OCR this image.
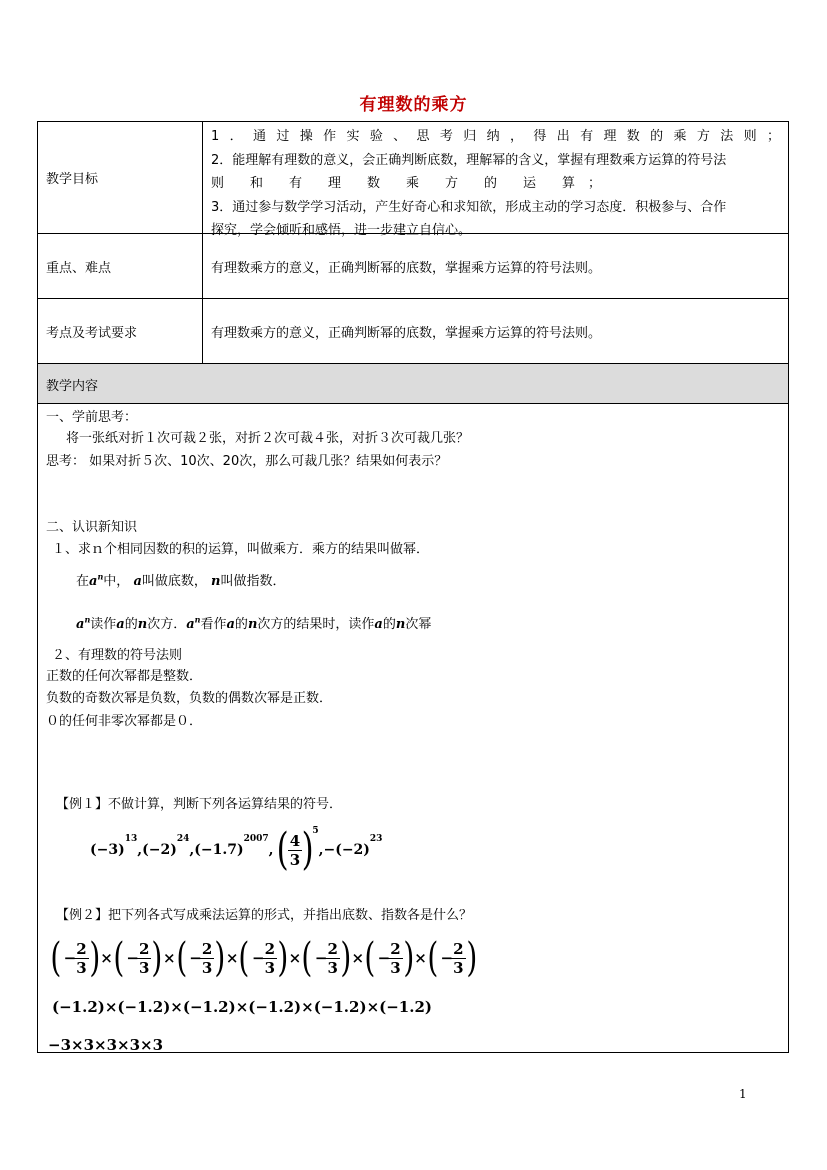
有理数的乘方
教学目标
1．通过操作实验、思考归纳，得出有理数的乘方法则；
2．能理解有理数的意义，会正确判断底数，理解幂的含义，掌握有理数乘方运算的符号法
则　　和　　有　　理　　数　　乘　　方　　的　　运　　算　；
3．通过参与数学学习活动，产生好奇心和求知欲，形成主动的学习态度．积极参与、合作
探究，学会倾听和感悟，进一步建立自信心。
重点、难点	有理数乘方的意义，正确判断幂的底数，掌握乘方运算的符号法则。
考点及考试要求	有理数乘方的意义，正确判断幂的底数，掌握乘方运算的符号法则。
教学内容
一、学前思考：
将一张纸对折１次可裁２张，对折２次可裁４张，对折３次可裁几张？
思考： 如果对折５次、10次、20次，那么可裁几张？结果如何表示？
二、认识新知识
１、求ｎ个相同因数的积的运算，叫做乘方．乘方的结果叫做幂．
在$a^n$中， a叫做底数， n叫做指数．
$a^n$读作a的n次方．$a^n$看作a的n次方的结果时，读作a的n次幂
２、有理数的符号法则
正数的任何次幂都是整数．
负数的奇数次幂是负数，负数的偶数次幂是正数．
０的任何非零次幂都是０．
【例１】不做计算，判断下列各运算结果的符号．
(−3)
$^{13}$
,(−2)
$^{24}$
,(−1.7)
$^{2007}$
, ( $\frac{4}{3}$ )
5
,−(−2)
$^{23}$
【例２】把下列各式写成乘法运算的形式，并指出底数、指数各是什么？
( −
$\frac{2}{3}$ ) × ( −
$\frac{2}{3}$ ) × ( −
$\frac{2}{3}$ ) × ( −
$\frac{2}{3}$ ) × ( −
$\frac{2}{3}$ ) × ( −
$\frac{2}{3}$ ) × ( −
$\frac{2}{3}$ )
(−1.2)×(−1.2)×(−1.2)×(−1.2)×(−1.2)×(−1.2)
−3×3×3×3×3
1
